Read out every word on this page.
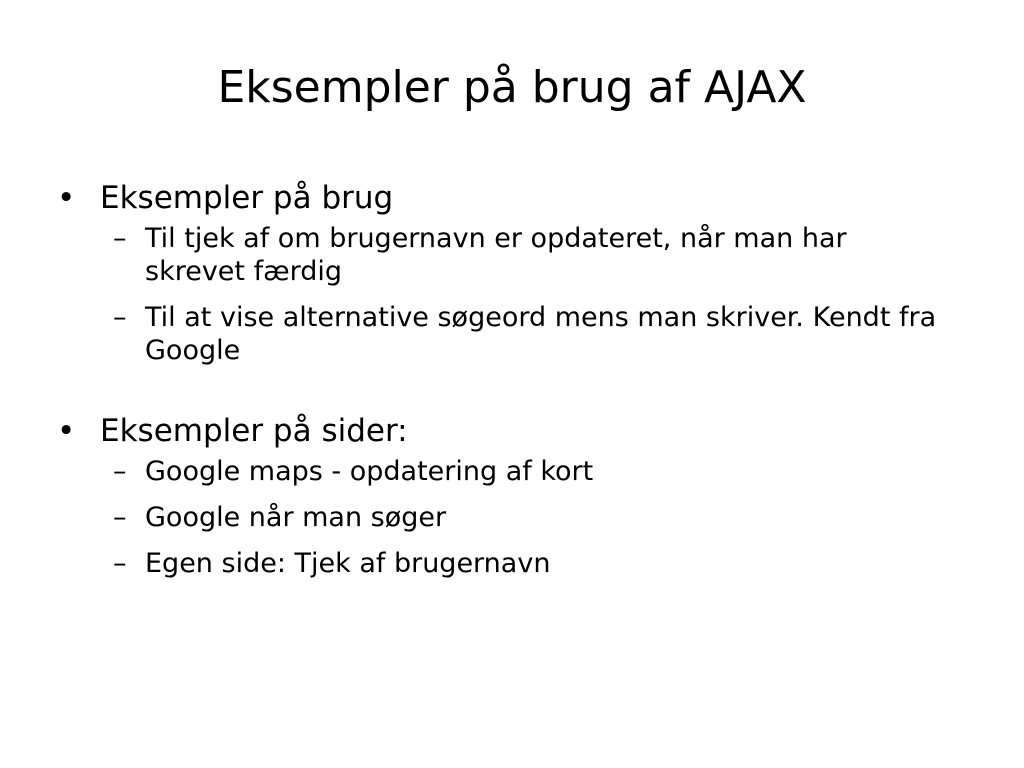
Eksempler på brug af AJAX
• Eksempler på brug
– Til tjek af om brugernavn er opdateret, når man har skrevet færdig
– Til at vise alternative søgeord mens man skriver. Kendt fra Google
• Eksempler på sider:
– Google maps - opdatering af kort
– Google når man søger
– Egen side: Tjek af brugernavn
